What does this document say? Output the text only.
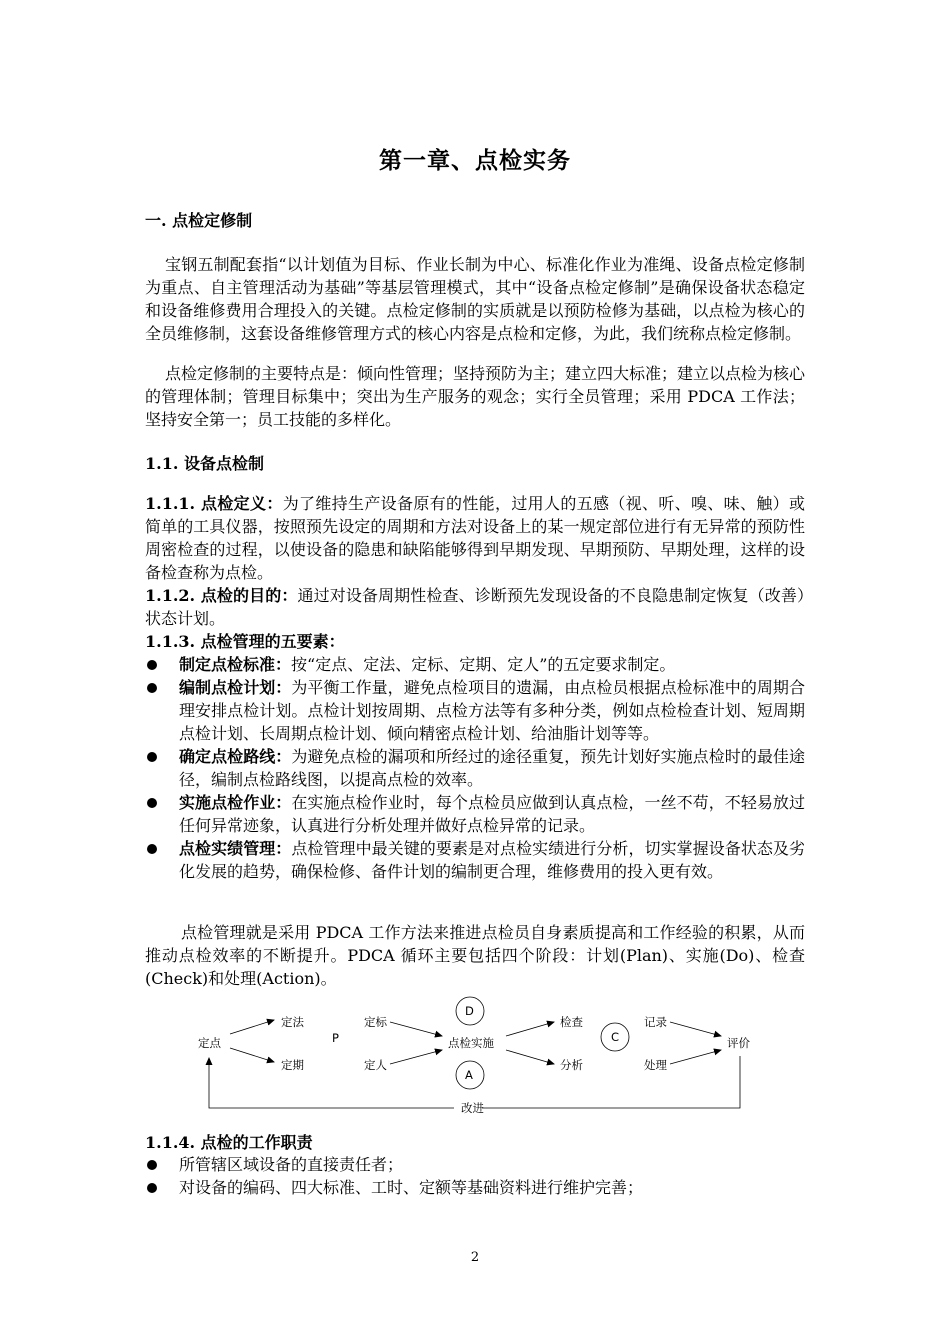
第一章、点检实务
一. 点检定修制
宝钢五制配套指“以计划值为目标、作业长制为中心、标准化作业为准绳、设备点检定修制为重点、自主管理活动为基础”等基层管理模式，其中“设备点检定修制”是确保设备状态稳定和设备维修费用合理投入的关键。点检定修制的实质就是以预防检修为基础，以点检为核心的全员维修制，这套设备维修管理方式的核心内容是点检和定修，为此，我们统称点检定修制。
点检定修制的主要特点是：倾向性管理；坚持预防为主；建立四大标准；建立以点检为核心的管理体制；管理目标集中；突出为生产服务的观念；实行全员管理；采用 PDCA 工作法；坚持安全第一；员工技能的多样化。
1.1. 设备点检制
1.1.1. 点检定义：为了维持生产设备原有的性能，过用人的五感（视、听、嗅、味、触）或简单的工具仪器，按照预先设定的周期和方法对设备上的某一规定部位进行有无异常的预防性周密检查的过程，以使设备的隐患和缺陷能够得到早期发现、早期预防、早期处理，这样的设备检查称为点检。
1.1.2. 点检的目的：通过对设备周期性检查、诊断预先发现设备的不良隐患制定恢复（改善）状态计划。
1.1.3. 点检管理的五要素：
制定点检标准：按“定点、定法、定标、定期、定人”的五定要求制定。
编制点检计划：为平衡工作量，避免点检项目的遗漏，由点检员根据点检标准中的周期合理安排点检计划。点检计划按周期、点检方法等有多种分类，例如点检检查计划、短周期点检计划、长周期点检计划、倾向精密点检计划、给油脂计划等等。
确定点检路线：为避免点检的漏项和所经过的途径重复，预先计划好实施点检时的最佳途径，编制点检路线图，以提高点检的效率。
实施点检作业：在实施点检作业时，每个点检员应做到认真点检，一丝不苟，不轻易放过任何异常迹象，认真进行分析处理并做好点检异常的记录。
点检实绩管理：点检管理中最关键的要素是对点检实绩进行分析，切实掌握设备状态及劣化发展的趋势，确保检修、备件计划的编制更合理，维修费用的投入更有效。
点检管理就是采用 PDCA 工作方法来推进点检员自身素质提高和工作经验的积累，从而推动点检效率的不断提升。PDCA 循环主要包括四个阶段：计划(Plan)、实施(Do)、检查(Check)和处理(Action)。
定点
定法
定期
P
定标
定人
点检实施
检查
分析
记录
处理
评价
改进
D
A
C
1.1.4. 点检的工作职责
所管辖区域设备的直接责任者；
对设备的编码、四大标准、工时、定额等基础资料进行维护完善；
2
